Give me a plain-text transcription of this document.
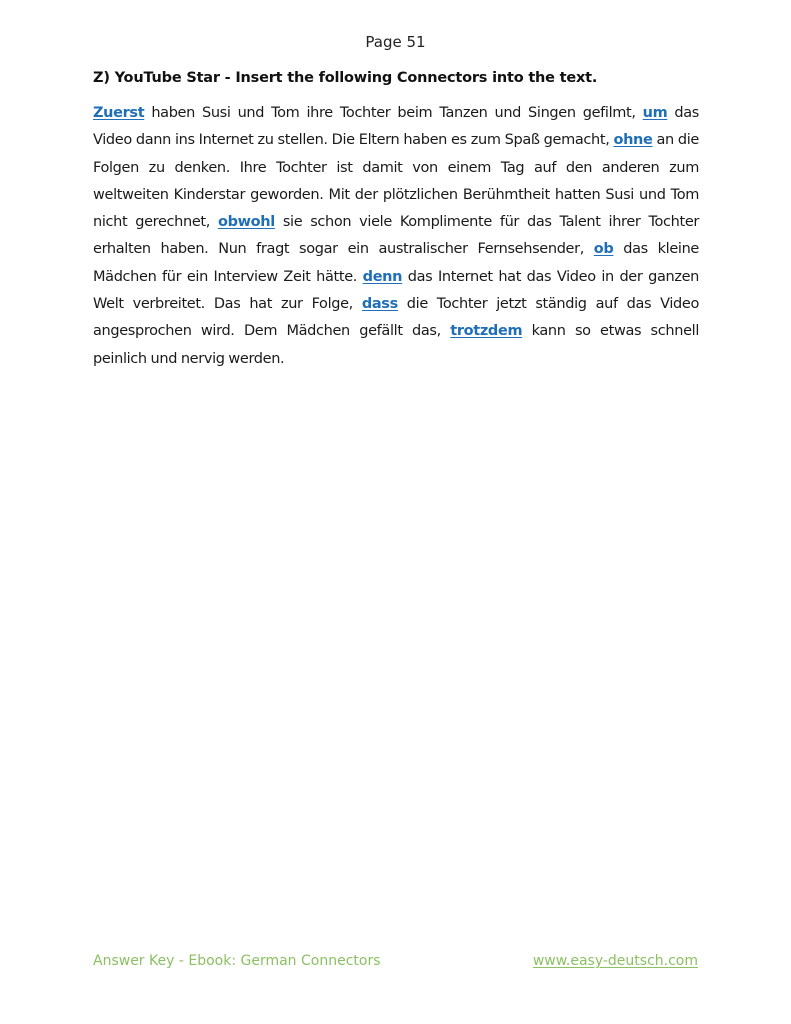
Page 51
Z) YouTube Star - Insert the following Connectors into the text.
Zuerst haben Susi und Tom ihre Tochter beim Tanzen und Singen gefilmt, um das Video dann ins Internet zu stellen. Die Eltern haben es zum Spaß gemacht, ohne an die Folgen zu denken. Ihre Tochter ist damit von einem Tag auf den anderen zum weltweiten Kinderstar geworden. Mit der plötzlichen Berühmtheit hatten Susi und Tom nicht gerechnet, obwohl sie schon viele Komplimente für das Talent ihrer Tochter erhalten haben. Nun fragt sogar ein australischer Fernsehsender, ob das kleine Mädchen für ein Interview Zeit hätte. denn das Internet hat das Video in der ganzen Welt verbreitet. Das hat zur Folge, dass die Tochter jetzt ständig auf das Video angesprochen wird. Dem Mädchen gefällt das, trotzdem kann so etwas schnell peinlich und nervig werden.
Answer Key - Ebook: German Connectors	www.easy-deutsch.com
